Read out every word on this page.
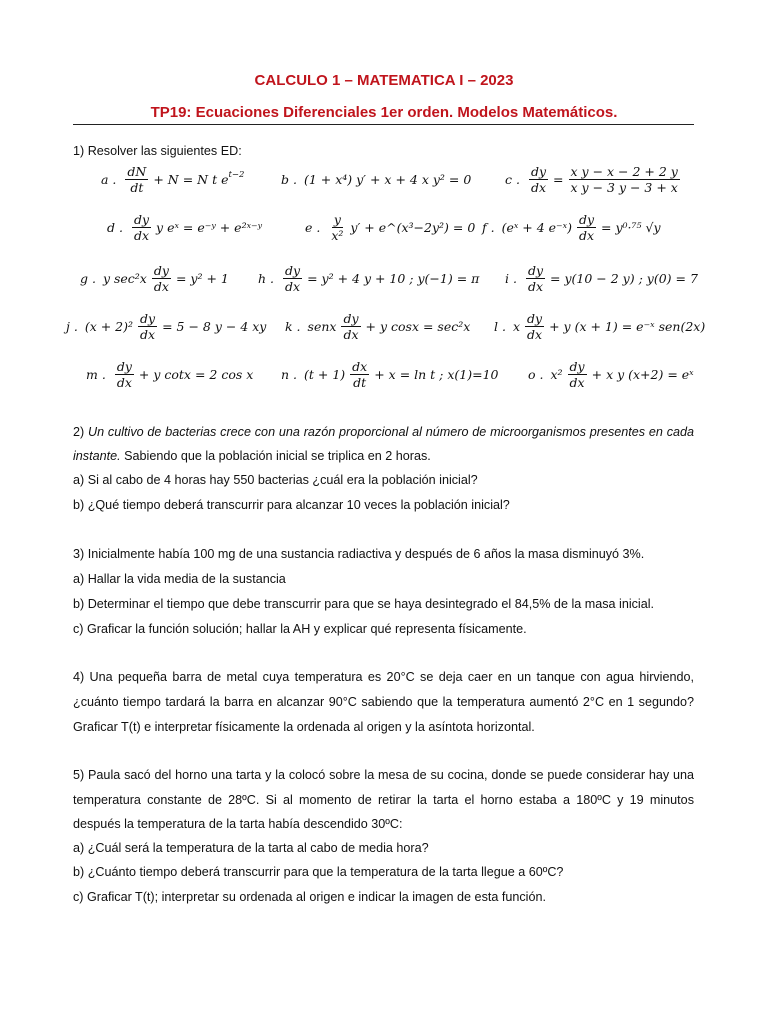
CALCULO 1 – MATEMATICA I – 2023
TP19: Ecuaciones Diferenciales 1er orden. Modelos Matemáticos.
1) Resolver las siguientes ED:
a . $\frac{dN}{dt} + N = N$ t $e^{t-2}$	b . (1 + x⁴) y′ + x + 4 x y² = 0	c . $\frac{dy}{dx} = \frac{\text{x y − x − 2 + 2 y}}{\text{x y − 3 y − 3 + x}}$
d . $\frac{dy}{dx}$ y eˣ = e⁻ʸ + e²ˣ⁻ʸ	e . $\frac{y}{\text{x²}} y'$ + e^(x³−2y²) = 0 f . (eˣ + 4 e⁻ˣ) $\frac{dy}{dx} = y^0\cdot^{75}$ √y
g . y $\sec^2x \frac{dy}{dx} = y^2 + 1$ h . $\frac{dy}{dx} = y^2 + 4$ y + 10 ; y(−1) = π i . $\frac{dy}{dx} = y(10 - 2$ y) ; y(0) = 7
j . $(x + 2)^2 \frac{dy}{dx} = 5 - 8$ y − 4 xy k . senx $\frac{dy}{dx} + y$ cosx = sec²x l . x $\frac{dy}{dx} + y$ (x + 1) = e⁻ˣ sen(2x)
m . $\frac{dy}{dx} + y$ cotx = 2 cos x n . $(t + 1) \frac{dx}{dt} + x = \ln t$ ; x(1)=10 o . $x^2 \frac{dy}{dx} + x$ y (x+2) = eˣ
2) Un cultivo de bacterias crece con una razón proporcional al número de microorganismos presentes en cada
instante. Sabiendo que la población inicial se triplica en 2 horas.
a) Si al cabo de 4 horas hay 550 bacterias ¿cuál era la población inicial?
b) ¿Qué tiempo deberá transcurrir para alcanzar 10 veces la población inicial?
3) Inicialmente había 100 mg de una sustancia radiactiva y después de 6 años la masa disminuyó 3%.
a) Hallar la vida media de la sustancia
b) Determinar el tiempo que debe transcurrir para que se haya desintegrado el 84,5% de la masa inicial.
c) Graficar la función solución; hallar la AH y explicar qué representa físicamente.
4) Una pequeña barra de metal cuya temperatura es 20°C se deja caer en un tanque con agua hirviendo,
¿cuánto tiempo tardará la barra en alcanzar 90°C sabiendo que la temperatura aumentó 2°C en 1 segundo?
Graficar T(t) e interpretar físicamente la ordenada al origen y la asíntota horizontal.
5) Paula sacó del horno una tarta y la colocó sobre la mesa de su cocina, donde se puede considerar hay una
temperatura constante de 28ºC. Si al momento de retirar la tarta el horno estaba a 180ºC y 19 minutos
después la temperatura de la tarta había descendido 30ºC:
a) ¿Cuál será la temperatura de la tarta al cabo de media hora?
b) ¿Cuánto tiempo deberá transcurrir para que la temperatura de la tarta llegue a 60ºC?
c) Graficar T(t); interpretar su ordenada al origen e indicar la imagen de esta función.
